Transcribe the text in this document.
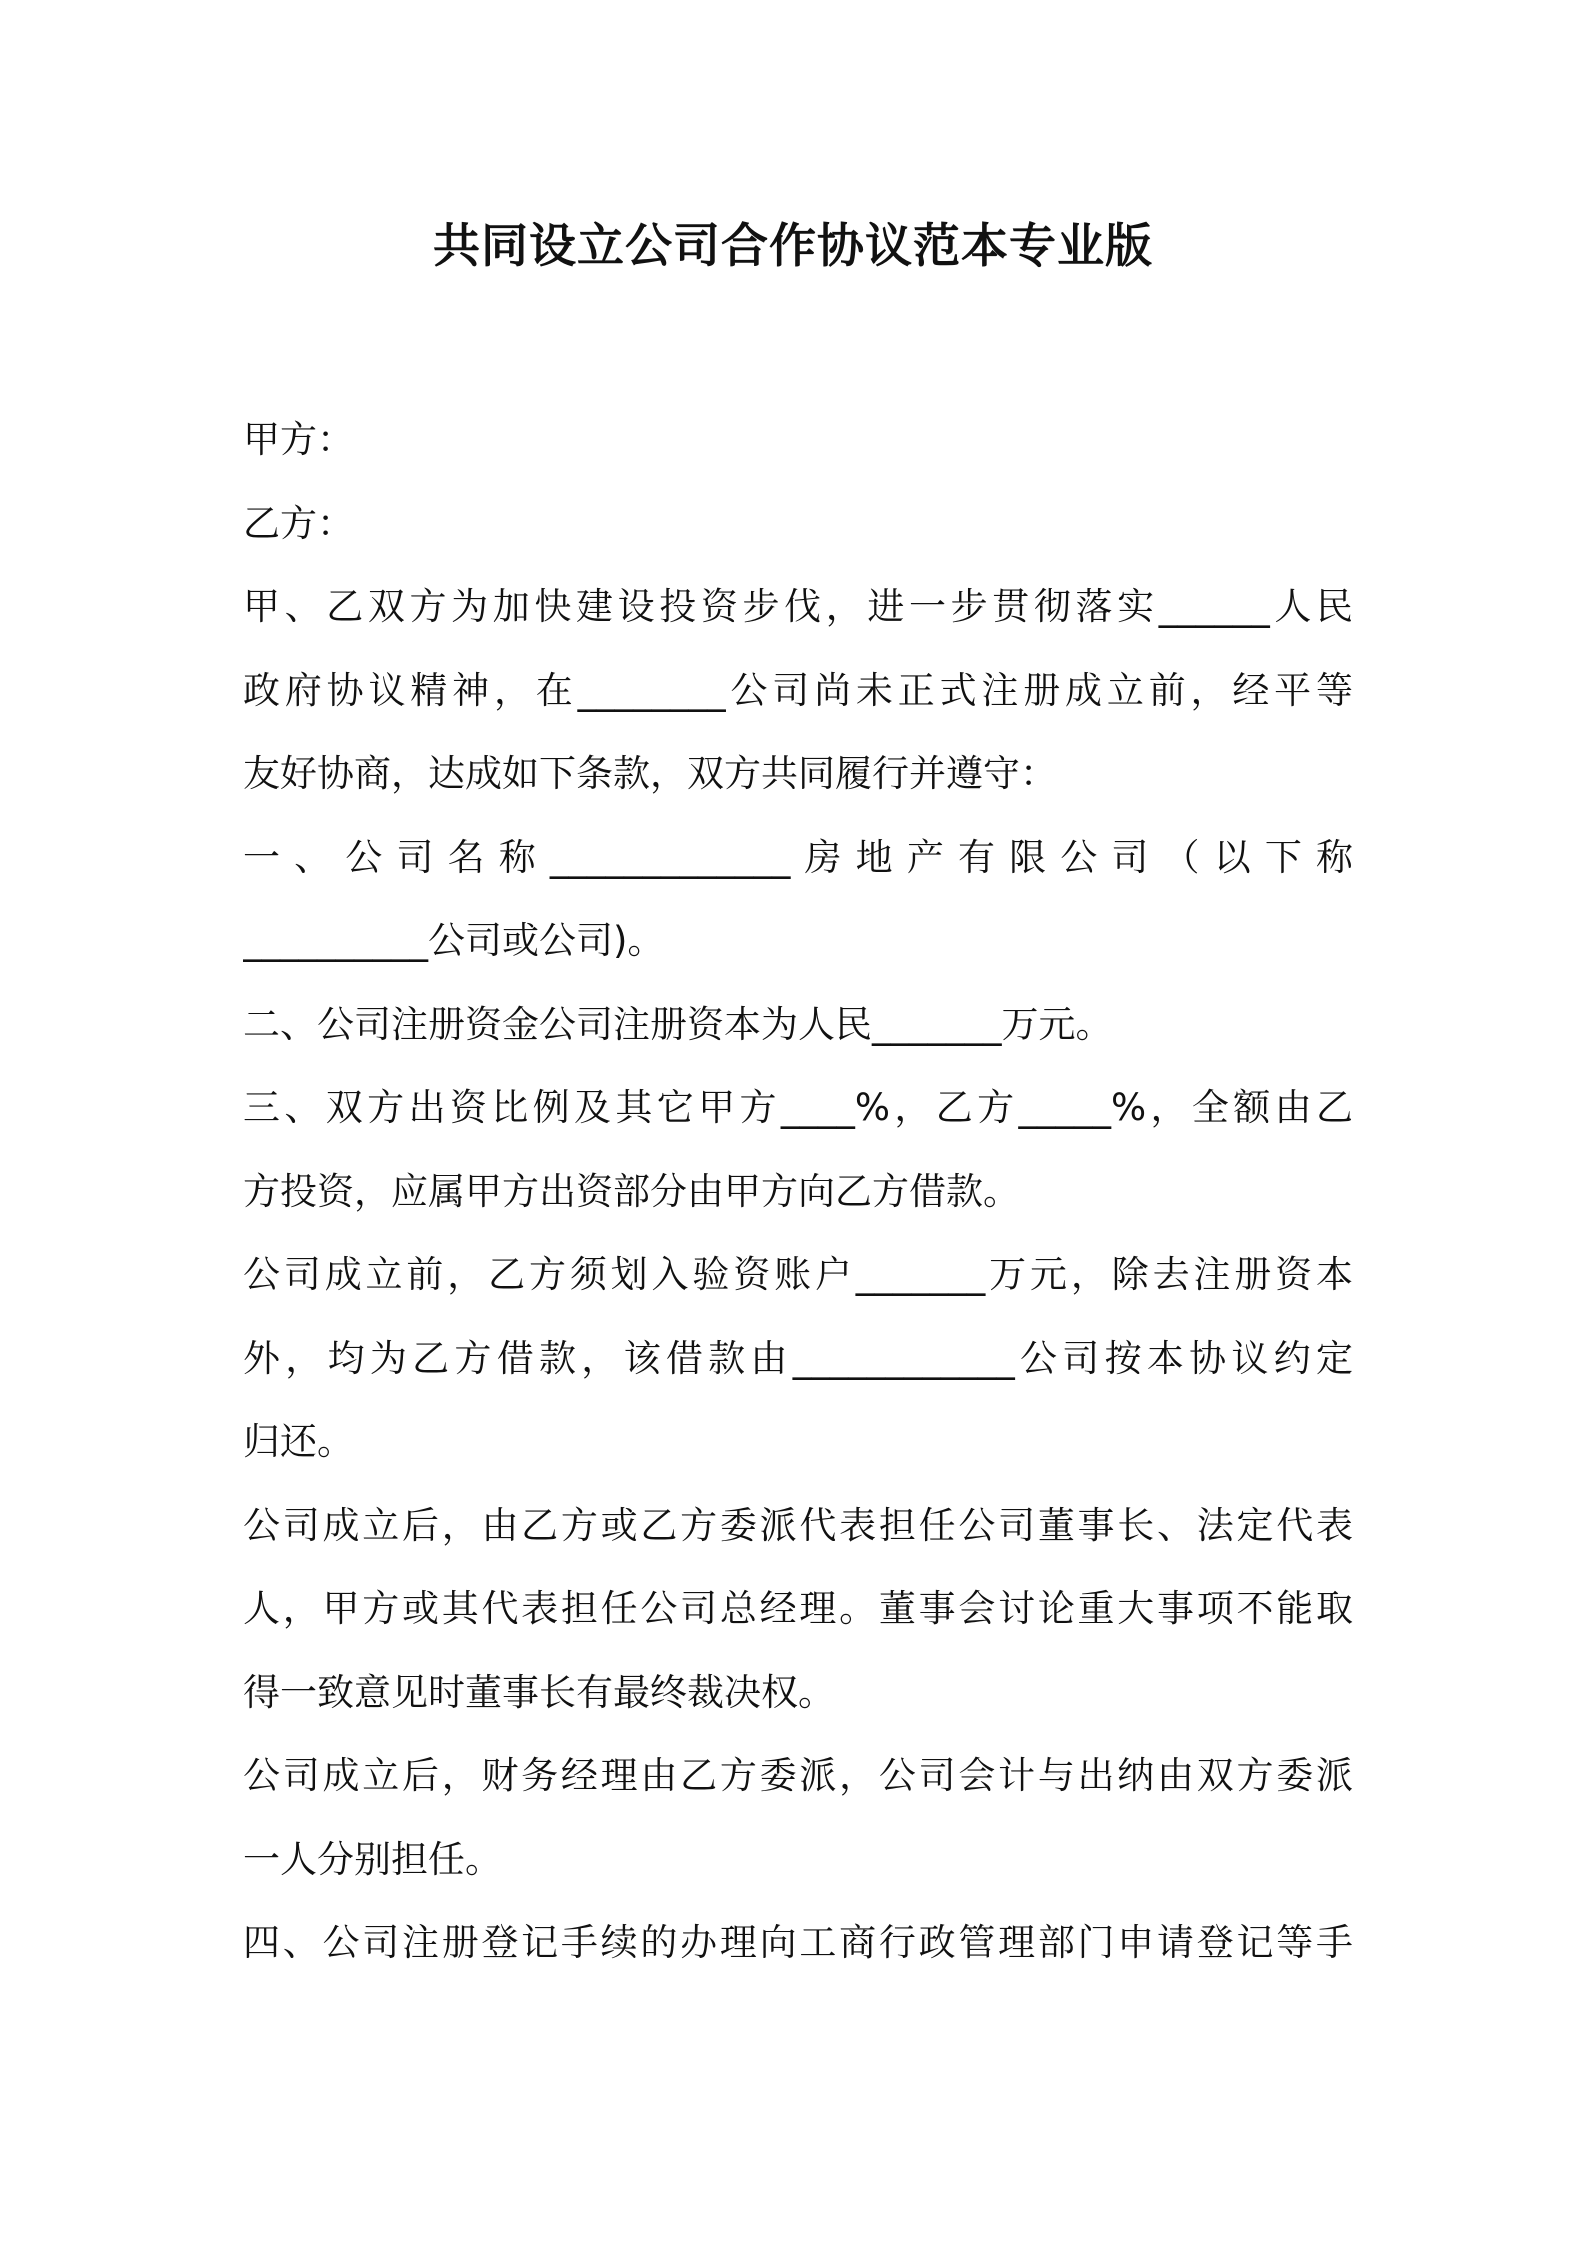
共同设立公司合作协议范本专业版
甲方：
乙方：
甲、乙双方为加快建设投资步伐，进一步贯彻落实______人民
政府协议精神，在________公司尚未正式注册成立前，经平等
友好协商，达成如下条款，双方共同履行并遵守：
一、公司名称_____________房地产有限公司（以下称
__________公司或公司)。
二、公司注册资金公司注册资本为人民_______万元。
三、双方出资比例及其它甲方____%，乙方_____%，全额由乙
方投资，应属甲方出资部分由甲方向乙方借款。
公司成立前，乙方须划入验资账户_______万元，除去注册资本
外，均为乙方借款，该借款由____________公司按本协议约定
归还。
公司成立后，由乙方或乙方委派代表担任公司董事长、法定代表
人，甲方或其代表担任公司总经理。董事会讨论重大事项不能取
得一致意见时董事长有最终裁决权。
公司成立后，财务经理由乙方委派，公司会计与出纳由双方委派
一人分别担任。
四、公司注册登记手续的办理向工商行政管理部门申请登记等手
